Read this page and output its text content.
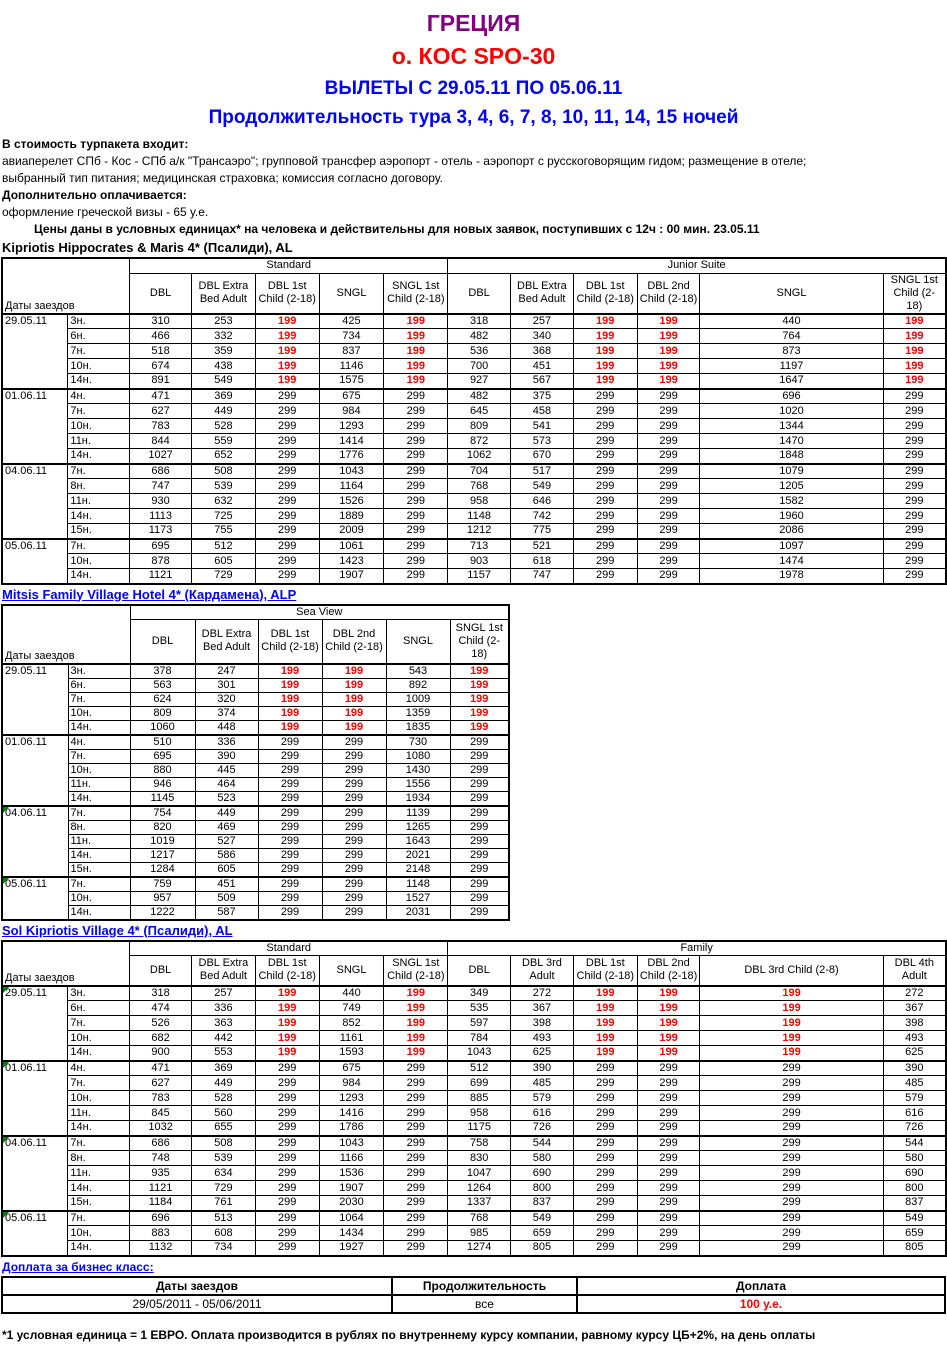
ГРЕЦИЯ
о. КОС SPO-30
ВЫЛЕТЫ С 29.05.11 ПО 05.06.11
Продолжительность тура 3, 4, 6, 7, 8, 10, 11, 14, 15 ночей
В стоимость турпакета входит:
авиаперелет СПб - Кос - СПб а/к "Трансаэро"; групповой трансфер аэропорт - отель - аэропорт с русскоговорящим гидом; размещение в отеле;
выбранный тип питания; медицинская страховка; комиссия согласно договору.
Дополнительно оплачивается:
оформление греческой визы - 65 у.е.
Цены даны в условных единицах* на человека и действительны для новых заявок, поступивших с 12ч : 00 мин. 23.05.11
Kipriotis Hippocrates & Maris 4* (Псалиди), AL
Даты заездов		Standard					Junior Suite					
		DBL	DBL Extra Bed Adult	DBL 1st Child (2-18)	SNGL	SNGL 1st Child (2-18)	DBL	DBL Extra Bed Adult	DBL 1st Child (2-18)	DBL 2nd Child (2-18)	SNGL	SNGL 1st Child (2-18)
29.05.11	3н.	310	253	199	425	199	318	257	199	199	440	199
	6н.	466	332	199	734	199	482	340	199	199	764	199
	7н.	518	359	199	837	199	536	368	199	199	873	199
	10н.	674	438	199	1146	199	700	451	199	199	1197	199
	14н.	891	549	199	1575	199	927	567	199	199	1647	199
01.06.11	4н.	471	369	299	675	299	482	375	299	299	696	299
	7н.	627	449	299	984	299	645	458	299	299	1020	299
	10н.	783	528	299	1293	299	809	541	299	299	1344	299
	11н.	844	559	299	1414	299	872	573	299	299	1470	299
	14н.	1027	652	299	1776	299	1062	670	299	299	1848	299
04.06.11	7н.	686	508	299	1043	299	704	517	299	299	1079	299
	8н.	747	539	299	1164	299	768	549	299	299	1205	299
	11н.	930	632	299	1526	299	958	646	299	299	1582	299
	14н.	1113	725	299	1889	299	1148	742	299	299	1960	299
	15н.	1173	755	299	2009	299	1212	775	299	299	2086	299
05.06.11	7н.	695	512	299	1061	299	713	521	299	299	1097	299
	10н.	878	605	299	1423	299	903	618	299	299	1474	299
	14н.	1121	729	299	1907	299	1157	747	299	299	1978	299
Mitsis Family Village Hotel 4* (Кардамена), ALP
Даты заездов		Sea View					
		DBL	DBL Extra Bed Adult	DBL 1st Child (2-18)	DBL 2nd Child (2-18)	SNGL	SNGL 1st Child (2-18)
29.05.11	3н.	378	247	199	199	543	199
	6н.	563	301	199	199	892	199
	7н.	624	320	199	199	1009	199
	10н.	809	374	199	199	1359	199
	14н.	1060	448	199	199	1835	199
01.06.11	4н.	510	336	299	299	730	299
	7н.	695	390	299	299	1080	299
	10н.	880	445	299	299	1430	299
	11н.	946	464	299	299	1556	299
	14н.	1145	523	299	299	1934	299
04.06.11	7н.	754	449	299	299	1139	299
	8н.	820	469	299	299	1265	299
	11н.	1019	527	299	299	1643	299
	14н.	1217	586	299	299	2021	299
	15н.	1284	605	299	299	2148	299
05.06.11	7н.	759	451	299	299	1148	299
	10н.	957	509	299	299	1527	299
	14н.	1222	587	299	299	2031	299
Sol Kipriotis Village 4* (Псалиди), AL
Даты заездов		Standard					Family					
		DBL	DBL Extra Bed Adult	DBL 1st Child (2-18)	SNGL	SNGL 1st Child (2-18)	DBL	DBL 3rd Adult	DBL 1st Child (2-18)	DBL 2nd Child (2-18)	DBL 3rd Child (2-8)	DBL 4th Adult
29.05.11	3н.	318	257	199	440	199	349	272	199	199	199	272
	6н.	474	336	199	749	199	535	367	199	199	199	367
	7н.	526	363	199	852	199	597	398	199	199	199	398
	10н.	682	442	199	1161	199	784	493	199	199	199	493
	14н.	900	553	199	1593	199	1043	625	199	199	199	625
01.06.11	4н.	471	369	299	675	299	512	390	299	299	299	390
	7н.	627	449	299	984	299	699	485	299	299	299	485
	10н.	783	528	299	1293	299	885	579	299	299	299	579
	11н.	845	560	299	1416	299	958	616	299	299	299	616
	14н.	1032	655	299	1786	299	1175	726	299	299	299	726
04.06.11	7н.	686	508	299	1043	299	758	544	299	299	299	544
	8н.	748	539	299	1166	299	830	580	299	299	299	580
	11н.	935	634	299	1536	299	1047	690	299	299	299	690
	14н.	1121	729	299	1907	299	1264	800	299	299	299	800
	15н.	1184	761	299	2030	299	1337	837	299	299	299	837
05.06.11	7н.	696	513	299	1064	299	768	549	299	299	299	549
	10н.	883	608	299	1434	299	985	659	299	299	299	659
	14н.	1132	734	299	1927	299	1274	805	299	299	299	805
Доплата за бизнес класс:
Даты заездов	Продолжительность	Доплата
29/05/2011 - 05/06/2011	все	100 у.е.
*1 условная единица = 1 ЕВРО. Оплата производится в рублях по внутреннему курсу компании, равному курсу ЦБ+2%, на день оплаты
